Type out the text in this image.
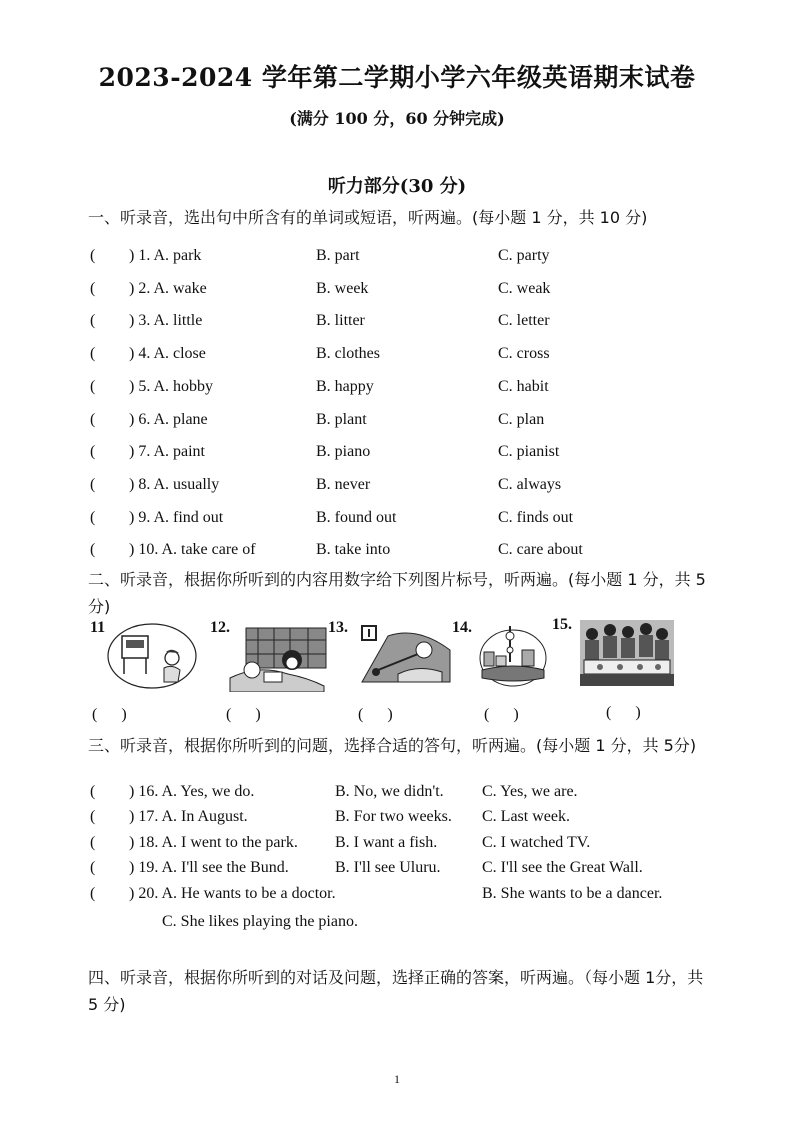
2023-2024 学年第二学期小学六年级英语期末试卷
(满分 100 分，60 分钟完成)
听力部分(30 分)
一、听录音，选出句中所含有的单词或短语，听两遍。(每小题 1 分，共 10 分)
( ) 1. A. park	B. part	C. party
( ) 2. A. wake	B. week	C. weak
( ) 3. A. little	B. litter	C. letter
( ) 4. A. close	B. clothes	C. cross
( ) 5. A. hobby	B. happy	C. habit
( ) 6. A. plane	B. plant	C. plan
( ) 7. A. paint	B. piano	C. pianist
( ) 8. A. usually	B. never	C. always
( ) 9. A. find out	B. found out	C. finds out
( ) 10. A. take care of	B. take into	C. care about
二、听录音，根据你所听到的内容用数字给下列图片标号，听两遍。(每小题 1 分，共 5分)
11
(      )
12.
(      )
13.
(      )
14.
(      )
15.
(      )
三、听录音，根据你所听到的问题，选择合适的答句，听两遍。(每小题 1 分，共 5分)
( ) 16. A. Yes, we do.	B. No, we didn't. C. Yes, we are.
( ) 17. A. In August.	B. For two weeks. C. Last week.
( ) 18. A. I went to the park. B. I want a fish.	C. I watched TV.
( ) 19. A. I'll see the Bund.	B. I'll see Uluru.	C. I'll see the Great Wall.
( ) 20. A. He wants to be a doctor.	B. She wants to be a dancer.
C. She likes playing the piano.
四、听录音，根据你所听到的对话及问题，选择正确的答案，听两遍。（每小题 1分，共 5 分)
1
